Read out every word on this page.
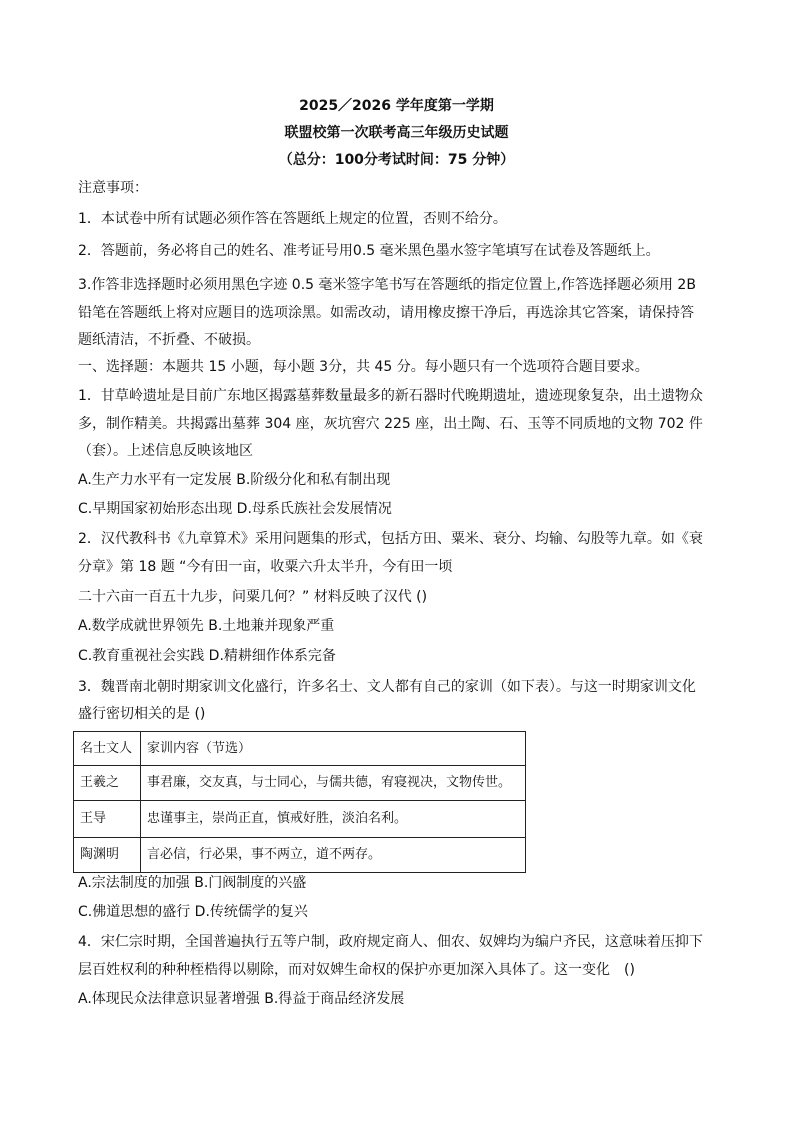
2025／2026 学年度第一学期
联盟校第一次联考高三年级历史试题
（总分：100分考试时间：75 分钟）
注意事项：
1．本试卷中所有试题必须作答在答题纸上规定的位置，否则不给分。
2．答题前，务必将自己的姓名、准考证号用0.5 毫米黑色墨水签字笔填写在试卷及答题纸上。
3.作答非选择题时必须用黑色字迹 0.5 毫米签字笔书写在答题纸的指定位置上,作答选择题必须用 2B
铅笔在答题纸上将对应题目的选项涂黑。如需改动，请用橡皮擦干净后，再选涂其它答案，请保持答
题纸清洁，不折叠、不破损。
一、选择题：本题共 15 小题，每小题 3分，共 45 分。每小题只有一个选项符合题目要求。
1．甘草岭遗址是目前广东地区揭露墓葬数量最多的新石器时代晚期遗址，遗迹现象复杂，出土遗物众
多，制作精美。共揭露出墓葬 304 座，灰坑窖穴 225 座，出土陶、石、玉等不同质地的文物 702 件
（套）。上述信息反映该地区
A.生产力水平有一定发展 B.阶级分化和私有制出现
C.早期国家初始形态出现 D.母系氏族社会发展情况
2．汉代教科书《九章算术》采用问题集的形式，包括方田、粟米、衰分、均输、勾股等九章。如《衰
分章》第 18 题 “今有田一亩，收粟六升太半升，今有田一顷
二十六亩一百五十九步，问粟几何？” 材料反映了汉代 ()
A.数学成就世界领先 B.土地兼并现象严重
C.教育重视社会实践 D.精耕细作体系完备
3．魏晋南北朝时期家训文化盛行，许多名士、文人都有自己的家训（如下表）。与这一时期家训文化
盛行密切相关的是 ()
名士文人	家训内容（节选）
王羲之	事君廉，交友真，与士同心，与儒共德，宥寝视决，文物传世。
王导	忠谨事主，崇尚正直，慎戒好胜，淡泊名利。
陶渊明	言必信，行必果，事不两立，道不两存。
A.宗法制度的加强 B.门阀制度的兴盛
C.佛道思想的盛行 D.传统儒学的复兴
4．宋仁宗时期，全国普遍执行五等户制，政府规定商人、佃农、奴婢均为编户齐民，这意味着压抑下
层百姓权利的种种桎梏得以剔除，而对奴婢生命权的保护亦更加深入具体了。这一变化　()
A.体现民众法律意识显著增强 B.得益于商品经济发展
